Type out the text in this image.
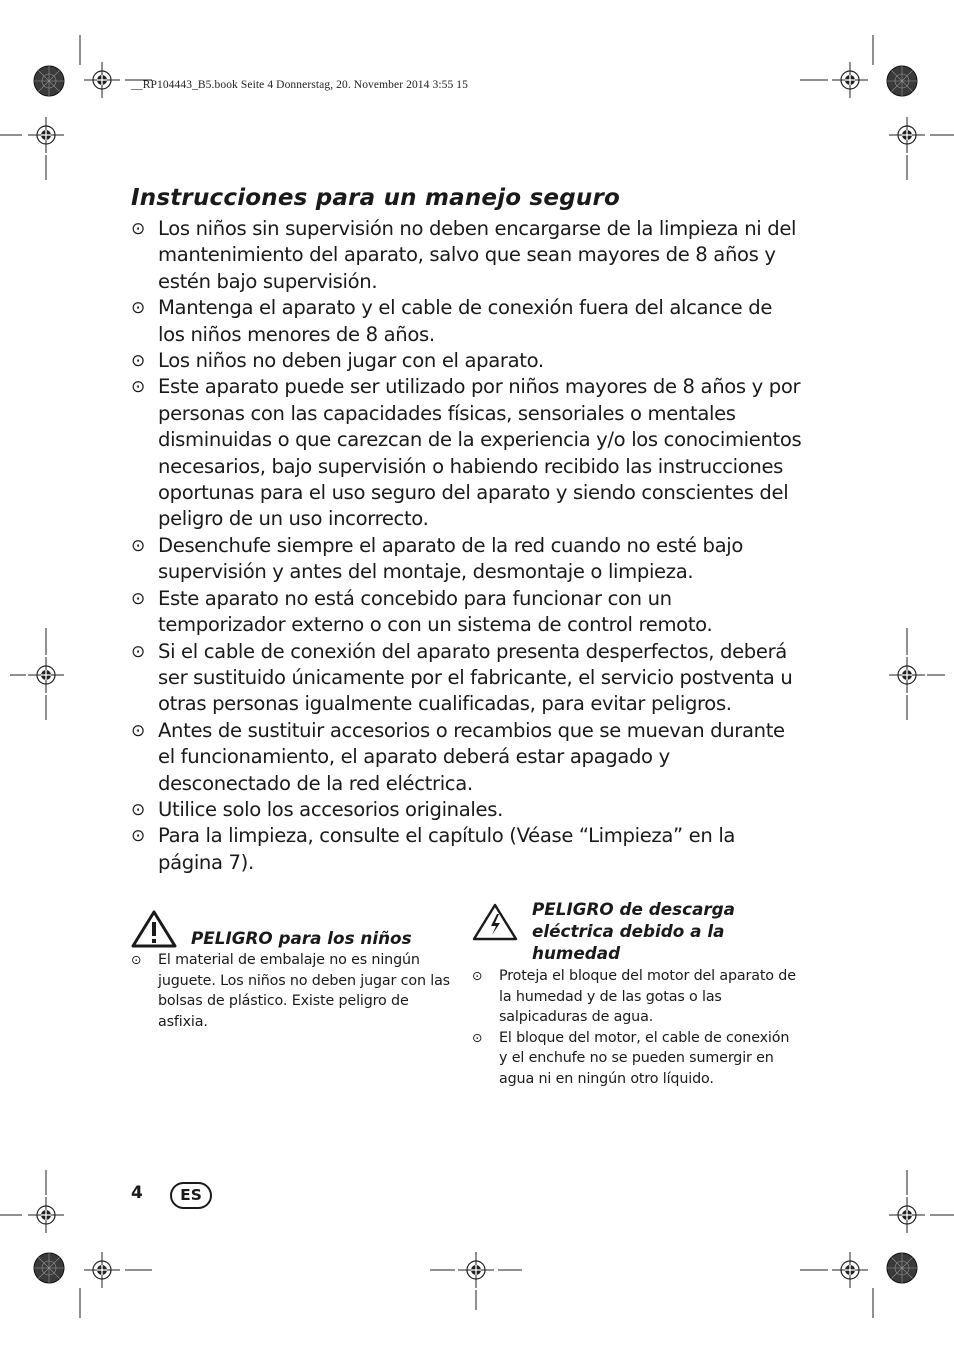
__RP104443_B5.book Seite 4 Donnerstag, 20. November 2014 3:55 15
Instrucciones para un manejo seguro
⊙ Los niños sin supervisión no deben encargarse de la limpieza ni del mantenimiento del aparato, salvo que sean mayores de 8 años y estén bajo supervisión.
⊙ Mantenga el aparato y el cable de conexión fuera del alcance de los niños menores de 8 años.
⊙ Los niños no deben jugar con el aparato.
⊙ Este aparato puede ser utilizado por niños mayores de 8 años y por personas con las capacidades físicas, sensoriales o mentales disminuidas o que carezcan de la experiencia y/o los conocimientos necesarios, bajo supervisión o habiendo recibido las instrucciones oportunas para el uso seguro del aparato y siendo conscientes del peligro de un uso incorrecto.
⊙ Desenchufe siempre el aparato de la red cuando no esté bajo supervisión y antes del montaje, desmontaje o limpieza.
⊙ Este aparato no está concebido para funcionar con un temporizador externo o con un sistema de control remoto.
⊙ Si el cable de conexión del aparato presenta desperfectos, deberá ser sustituido únicamente por el fabricante, el servicio postventa u otras personas igualmente cualificadas, para evitar peligros.
⊙ Antes de sustituir accesorios o recambios que se muevan durante el funcionamiento, el aparato deberá estar apagado y desconectado de la red eléctrica.
⊙ Utilice solo los accesorios originales.
⊙ Para la limpieza, consulte el capítulo (Véase “Limpieza” en la página 7).
PELIGRO para los niños
⊙ El material de embalaje no es ningún juguete. Los niños no deben jugar con las bolsas de plástico. Existe peligro de asfixia.
PELIGRO de descarga
eléctrica debido a la
humedad
⊙ Proteja el bloque del motor del aparato de la humedad y de las gotas o las salpicaduras de agua.
⊙ El bloque del motor, el cable de conexión y el enchufe no se pueden sumergir en agua ni en ningún otro líquido.
4	ES
